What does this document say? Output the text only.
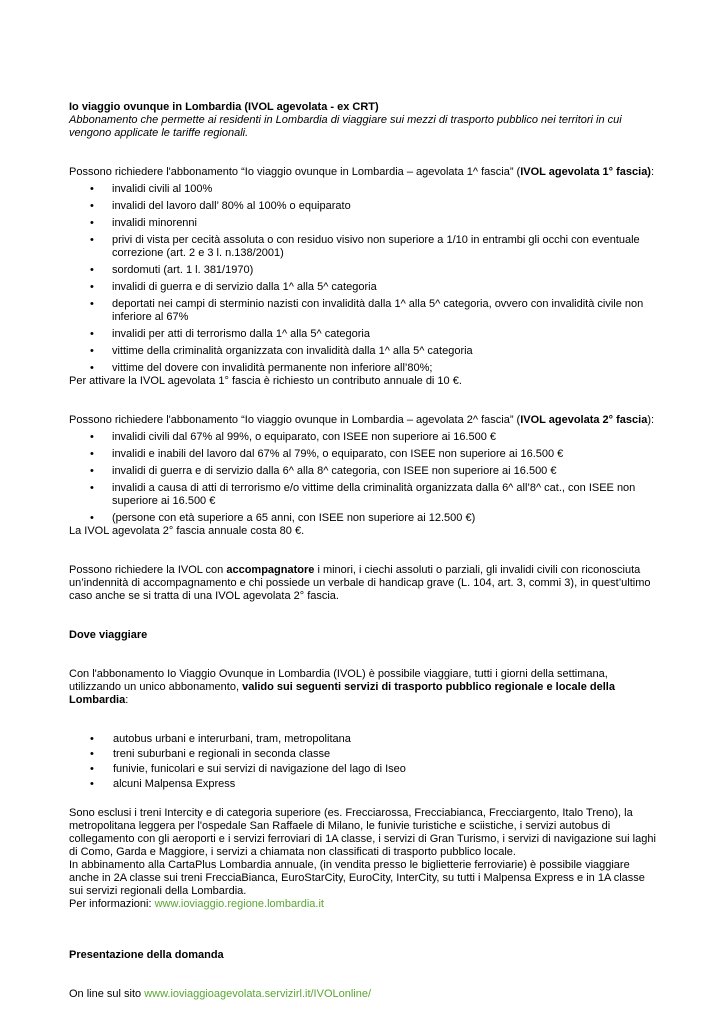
Io viaggio ovunque in Lombardia (IVOL agevolata - ex CRT)

Abbonamento che permette ai residenti in Lombardia di viaggiare sui mezzi di trasporto pubblico nei territori in cui vengono applicate le tariffe regionali.

Possono richiedere l'abbonamento “Io viaggio ovunque in Lombardia – agevolata 1^ fascia” (IVOL agevolata 1° fascia):

• invalidi civili al 100%
• invalidi del lavoro dall’ 80% al 100% o equiparato
• invalidi minorenni
• privi di vista per cecità assoluta o con residuo visivo non superiore a 1/10 in entrambi gli occhi con eventuale correzione (art. 2 e 3 l. n.138/2001)
• sordomuti (art. 1 l. 381/1970)
• invalidi di guerra e di servizio dalla 1^ alla 5^ categoria
• deportati nei campi di sterminio nazisti con invalidità dalla 1^ alla 5^ categoria, ovvero con invalidità civile non inferiore al 67%
• invalidi per atti di terrorismo dalla 1^ alla 5^ categoria
• vittime della criminalità organizzata con invalidità dalla 1^ alla 5^ categoria
• vittime del dovere con invalidità permanente non inferiore all’80%;

Per attivare la IVOL agevolata 1° fascia è richiesto un contributo annuale di 10 €.

Possono richiedere l'abbonamento “Io viaggio ovunque in Lombardia – agevolata 2^ fascia” (IVOL agevolata 2° fascia):

• invalidi civili dal 67% al 99%, o equiparato, con ISEE non superiore ai 16.500 €
• invalidi e inabili del lavoro dal 67% al 79%, o equiparato, con ISEE non superiore ai 16.500 €
• invalidi di guerra e di servizio dalla 6^ alla 8^ categoria, con ISEE non superiore ai 16.500 €
• invalidi a causa di atti di terrorismo e/o vittime della criminalità organizzata dalla 6^ all’8^ cat., con ISEE non superiore ai 16.500 €
• (persone con età superiore a 65 anni, con ISEE non superiore ai 12.500 €)

La IVOL agevolata 2° fascia annuale costa 80 €.

Possono richiedere la IVOL con accompagnatore i minori, i ciechi assoluti o parziali, gli invalidi civili con riconosciuta un’indennità di accompagnamento e chi possiede un verbale di handicap grave (L. 104, art. 3, commi 3), in quest’ultimo caso anche se si tratta di una IVOL agevolata 2° fascia.

Dove viaggiare

Con l'abbonamento Io Viaggio Ovunque in Lombardia (IVOL) è possibile viaggiare, tutti i giorni della settimana, utilizzando un unico abbonamento, valido sui seguenti servizi di trasporto pubblico regionale e locale della Lombardia:

• autobus urbani e interurbani, tram, metropolitana
• treni suburbani e regionali in seconda classe
• funivie, funicolari e sui servizi di navigazione del lago di Iseo
• alcuni Malpensa Express

Sono esclusi i treni Intercity e di categoria superiore (es. Frecciarossa, Frecciabianca, Frecciargento, Italo Treno), la metropolitana leggera per l'ospedale San Raffaele di Milano, le funivie turistiche e sciistiche, i servizi autobus di collegamento con gli aeroporti e i servizi ferroviari di 1A classe, i servizi di Gran Turismo, i servizi di navigazione sui laghi di Como, Garda e Maggiore, i servizi a chiamata non classificati di trasporto pubblico locale.

In abbinamento alla CartaPlus Lombardia annuale, (in vendita presso le biglietterie ferroviarie) è possibile viaggiare anche in 2A classe sui treni FrecciaBianca, EuroStarCity, EuroCity, InterCity, su tutti i Malpensa Express e in 1A classe sui servizi regionali della Lombardia.

Per informazioni: www.ioviaggio.regione.lombardia.it

Presentazione della domanda

On line sul sito www.ioviaggioagevolata.servizirl.it/IVOLonline/
